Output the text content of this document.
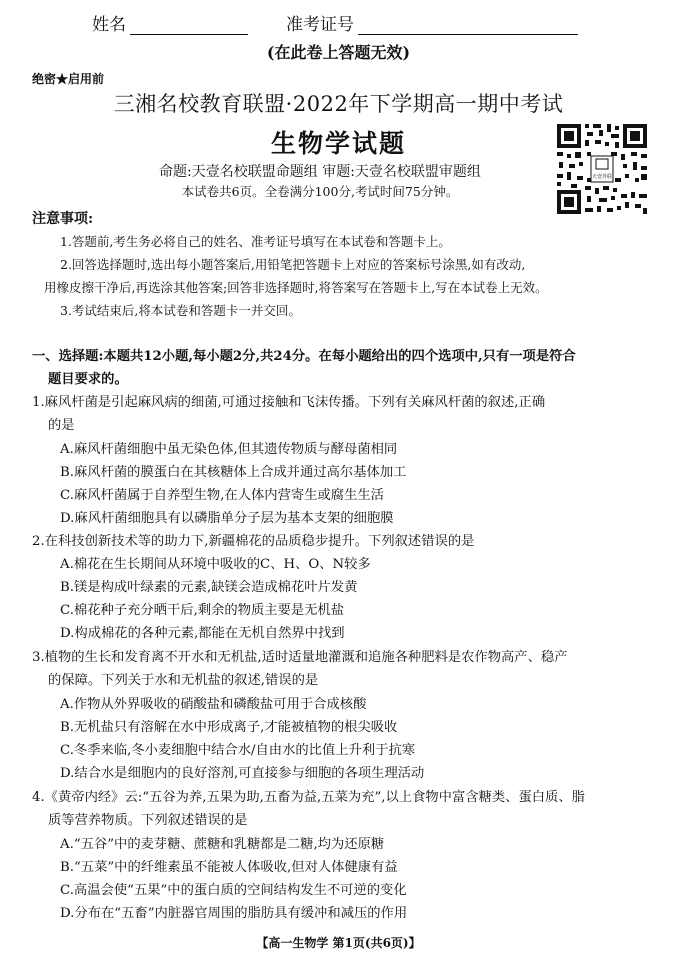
姓名	准考证号
(在此卷上答题无效)
绝密★启用前
三湘名校教育联盟·2022年下学期高一期中考试
生物学试题
命题:天壹名校联盟命题组 审题:天壹名校联盟审题组
本试卷共6页。全卷满分100分,考试时间75分钟。
天壹外联
注意事项:
1.答题前,考生务必将自己的姓名、准考证号填写在本试卷和答题卡上。
2.回答选择题时,选出每小题答案后,用铅笔把答题卡上对应的答案标号涂黑,如有改动,
用橡皮擦干净后,再选涂其他答案;回答非选择题时,将答案写在答题卡上,写在本试卷上无效。
3.考试结束后,将本试卷和答题卡一并交回。
一、选择题:本题共12小题,每小题2分,共24分。在每小题给出的四个选项中,只有一项是符合
题目要求的。
1.麻风杆菌是引起麻风病的细菌,可通过接触和飞沫传播。下列有关麻风杆菌的叙述,正确
的是
A.麻风杆菌细胞中虽无染色体,但其遗传物质与酵母菌相同
B.麻风杆菌的膜蛋白在其核糖体上合成并通过高尔基体加工
C.麻风杆菌属于自养型生物,在人体内营寄生或腐生生活
D.麻风杆菌细胞具有以磷脂单分子层为基本支架的细胞膜
2.在科技创新技术等的助力下,新疆棉花的品质稳步提升。下列叙述错误的是
A.棉花在生长期间从环境中吸收的C、H、O、N较多
B.镁是构成叶绿素的元素,缺镁会造成棉花叶片发黄
C.棉花种子充分晒干后,剩余的物质主要是无机盐
D.构成棉花的各种元素,都能在无机自然界中找到
3.植物的生长和发育离不开水和无机盐,适时适量地灌溉和追施各种肥料是农作物高产、稳产
的保障。下列关于水和无机盐的叙述,错误的是
A.作物从外界吸收的硝酸盐和磷酸盐可用于合成核酸
B.无机盐只有溶解在水中形成离子,才能被植物的根尖吸收
C.冬季来临,冬小麦细胞中结合水/自由水的比值上升利于抗寒
D.结合水是细胞内的良好溶剂,可直接参与细胞的各项生理活动
4.《黄帝内经》云:“五谷为养,五果为助,五畜为益,五菜为充”,以上食物中富含糖类、蛋白质、脂
质等营养物质。下列叙述错误的是
A.“五谷”中的麦芽糖、蔗糖和乳糖都是二糖,均为还原糖
B.“五菜”中的纤维素虽不能被人体吸收,但对人体健康有益
C.高温会使“五果”中的蛋白质的空间结构发生不可逆的变化
D.分布在“五畜”内脏器官周围的脂肪具有缓冲和减压的作用
【高一生物学 第1页(共6页)】
